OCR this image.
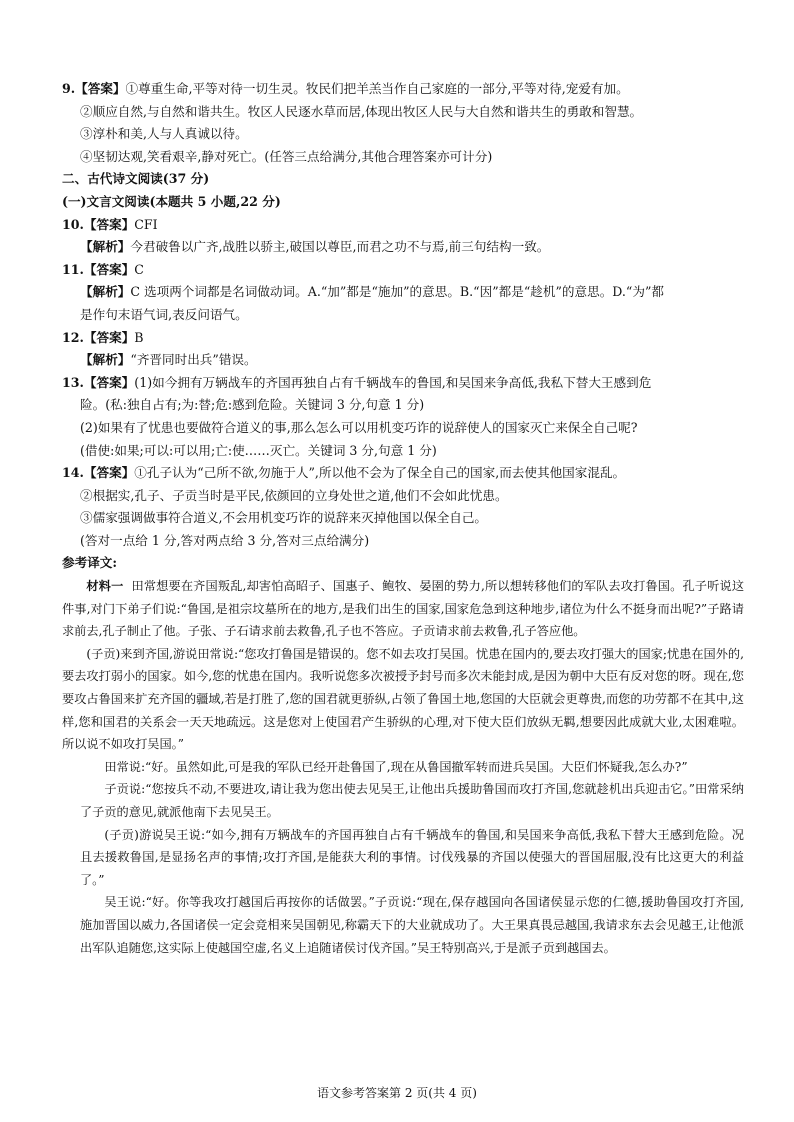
9.【答案】①尊重生命,平等对待一切生灵。牧民们把羊羔当作自己家庭的一部分,平等对待,宠爱有加。

②顺应自然,与自然和谐共生。牧区人民逐水草而居,体现出牧区人民与大自然和谐共生的勇敢和智慧。

③淳朴和美,人与人真诚以待。

④坚韧达观,笑看艰辛,静对死亡。(任答三点给满分,其他合理答案亦可计分)

二、古代诗文阅读(37 分)

(一)文言文阅读(本题共 5 小题,22 分)

10.【答案】CFI

【解析】今君破鲁以广齐,战胜以骄主,破国以尊臣,而君之功不与焉,前三句结构一致。

11.【答案】C

【解析】C 选项两个词都是名词做动词。A.“加”都是“施加”的意思。B.“因”都是“趁机”的意思。D.“为”都

是作句末语气词,表反问语气。

12.【答案】B

【解析】“齐晋同时出兵”错误。

13.【答案】(1)如今拥有万辆战车的齐国再独自占有千辆战车的鲁国,和吴国来争高低,我私下替大王感到危

险。(私:独自占有;为:替;危:感到危险。关键词 3 分,句意 1 分)

(2)如果有了忧患也要做符合道义的事,那么怎么可以用机变巧诈的说辞使人的国家灭亡来保全自己呢?

(借使:如果;可以:可以用;亡:使……灭亡。关键词 3 分,句意 1 分)

14.【答案】①孔子认为“己所不欲,勿施于人”,所以他不会为了保全自己的国家,而去使其他国家混乱。

②根据实,孔子、子贡当时是平民,依颜回的立身处世之道,他们不会如此忧患。

③儒家强调做事符合道义,不会用机变巧诈的说辞来灭掉他国以保全自己。

(答对一点给 1 分,答对两点给 3 分,答对三点给满分)

参考译文:

材料一 田常想要在齐国叛乱,却害怕高昭子、国惠子、鲍牧、晏圉的势力,所以想转移他们的军队去攻打鲁国。孔子听说这件事,对门下弟子们说:“鲁国,是祖宗坟墓所在的地方,是我们出生的国家,国家危急到这种地步,诸位为什么不挺身而出呢?”子路请求前去,孔子制止了他。子张、子石请求前去救鲁,孔子也不答应。子贡请求前去救鲁,孔子答应他。

(子贡)来到齐国,游说田常说:“您攻打鲁国是错误的。您不如去攻打吴国。忧患在国内的,要去攻打强大的国家;忧患在国外的,要去攻打弱小的国家。如今,您的忧患在国内。我听说您多次被授予封号而多次未能封成,是因为朝中大臣有反对您的呀。现在,您要攻占鲁国来扩充齐国的疆域,若是打胜了,您的国君就更骄纵,占领了鲁国土地,您国的大臣就会更尊贵,而您的功劳都不在其中,这样,您和国君的关系会一天天地疏远。这是您对上使国君产生骄纵的心理,对下使大臣们放纵无羁,想要因此成就大业,太困难啦。所以说不如攻打吴国。”

田常说:“好。虽然如此,可是我的军队已经开赴鲁国了,现在从鲁国撤军转而进兵吴国。大臣们怀疑我,怎么办?”

子贡说:“您按兵不动,不要进攻,请让我为您出使去见吴王,让他出兵援助鲁国而攻打齐国,您就趁机出兵迎击它。”田常采纳了子贡的意见,就派他南下去见吴王。

(子贡)游说吴王说:“如今,拥有万辆战车的齐国再独自占有千辆战车的鲁国,和吴国来争高低,我私下替大王感到危险。况且去援救鲁国,是显扬名声的事情;攻打齐国,是能获大利的事情。讨伐残暴的齐国以使强大的晋国屈服,没有比这更大的利益了。”

吴王说:“好。你等我攻打越国后再按你的话做罢。”子贡说:“现在,保存越国向各国诸侯显示您的仁德,援助鲁国攻打齐国,施加晋国以威力,各国诸侯一定会竞相来吴国朝见,称霸天下的大业就成功了。大王果真畏忌越国,我请求东去会见越王,让他派出军队追随您,这实际上使越国空虚,名义上追随诸侯讨伐齐国。”吴王特别高兴,于是派子贡到越国去。

语文参考答案第 2 页(共 4 页)
